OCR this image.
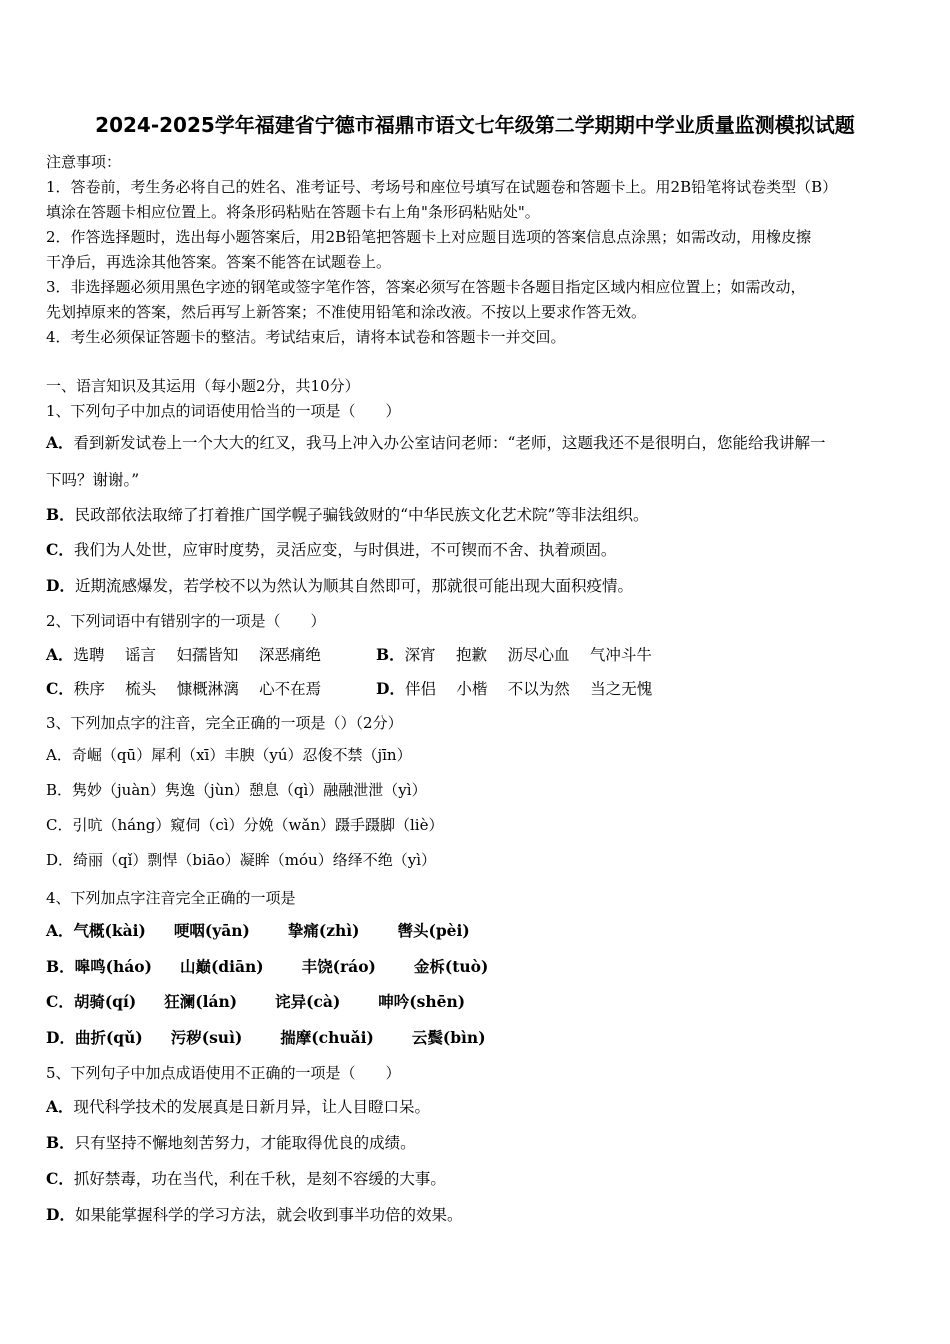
2024-2025学年福建省宁德市福鼎市语文七年级第二学期期中学业质量监测模拟试题
注意事项：
1．答卷前，考生务必将自己的姓名、准考证号、考场号和座位号填写在试题卷和答题卡上。用2B铅笔将试卷类型（B）
填涂在答题卡相应位置上。将条形码粘贴在答题卡右上角"条形码粘贴处"。
2．作答选择题时，选出每小题答案后，用2B铅笔把答题卡上对应题目选项的答案信息点涂黑；如需改动，用橡皮擦
干净后，再选涂其他答案。答案不能答在试题卷上。
3．非选择题必须用黑色字迹的钢笔或签字笔作答，答案必须写在答题卡各题目指定区域内相应位置上；如需改动，
先划掉原来的答案，然后再写上新答案；不准使用铅笔和涂改液。不按以上要求作答无效。
4．考生必须保证答题卡的整洁。考试结束后，请将本试卷和答题卡一并交回。
一、语言知识及其运用（每小题2分，共10分）
1、下列句子中加点的词语使用恰当的一项是（　　）
A．看到新发试卷上一个大大的红叉，我马上冲入办公室诘问老师：“老师，这题我还不是很明白，您能给我讲解一
下吗？谢谢。”
B．民政部依法取缔了打着推广国学幌子骗钱敛财的“中华民族文化艺术院”等非法组织。
C．我们为人处世，应审时度势，灵活应变，与时俱进，不可锲而不舍、执着顽固。
D．近期流感爆发，若学校不以为然认为顺其自然即可，那就很可能出现大面积疫情。
2、下列词语中有错别字的一项是（　　）
A．选聘　 谣言　 妇孺皆知　 深恶痛绝	B．深宵　 抱歉　 沥尽心血　 气冲斗牛
C．秩序　 梳头　 慷概淋漓　 心不在焉	D．伴侣　 小楷　 不以为然　 当之无愧
3、下列加点字的注音，完全正确的一项是（）（2分）
A．奇崛（qū）犀利（xī）丰腴（yú）忍俊不禁（jīn）
B．隽妙（juàn）隽逸（jùn）憩息（qì）融融泄泄（yì）
C．引吭（háng）窥伺（cì）分娩（wǎn）蹑手蹑脚（liè）
D．绮丽（qǐ）剽悍（biāo）凝眸（móu）络绎不绝（yì）
4、下列加点字注音完全正确的一项是
A．气概(kài) 哽咽(yān) 挚痛(zhì) 辔头(pèi)
B．嗥鸣(háo) 山巅(diān) 丰饶(ráo) 金柝(tuò)
C．胡骑(qí) 狂澜(lán) 诧异(cà) 呻吟(shēn)
D．曲折(qǔ) 污秽(suì) 揣摩(chuǎi) 云鬓(bìn)
5、下列句子中加点成语使用不正确的一项是（　　）
A．现代科学技术的发展真是日新月异，让人目瞪口呆。
B．只有坚持不懈地刻苦努力，才能取得优良的成绩。
C．抓好禁毒，功在当代，利在千秋，是刻不容缓的大事。
D．如果能掌握科学的学习方法，就会收到事半功倍的效果。
